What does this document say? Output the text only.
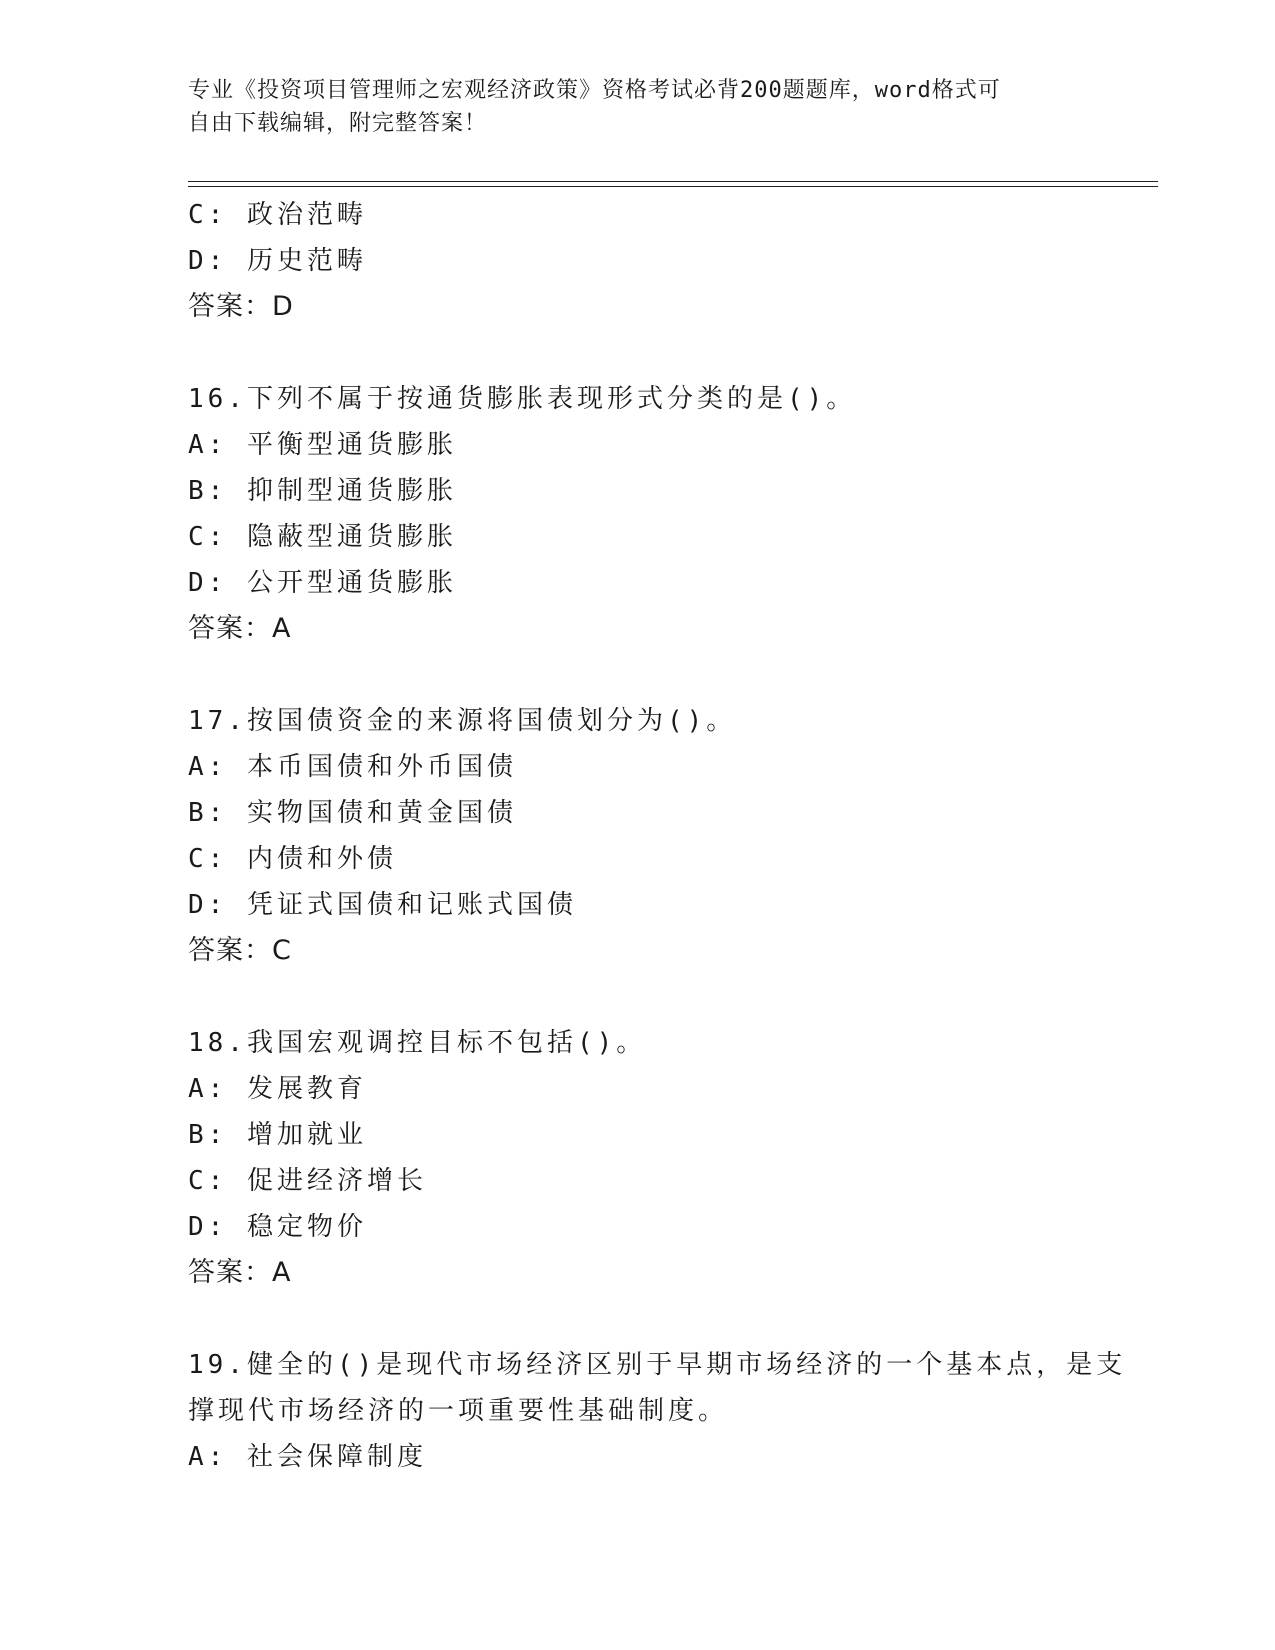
专业《投资项目管理师之宏观经济政策》资格考试必背200题题库，word格式可
自由下载编辑，附完整答案！
C: 政治范畴
D: 历史范畴
答案：D
16.下列不属于按通货膨胀表现形式分类的是()。
A: 平衡型通货膨胀
B: 抑制型通货膨胀
C: 隐蔽型通货膨胀
D: 公开型通货膨胀
答案：A
17.按国债资金的来源将国债划分为()。
A: 本币国债和外币国债
B: 实物国债和黄金国债
C: 内债和外债
D: 凭证式国债和记账式国债
答案：C
18.我国宏观调控目标不包括()。
A: 发展教育
B: 增加就业
C: 促进经济增长
D: 稳定物价
答案：A
19.健全的()是现代市场经济区别于早期市场经济的一个基本点，是支
撑现代市场经济的一项重要性基础制度。
A: 社会保障制度
